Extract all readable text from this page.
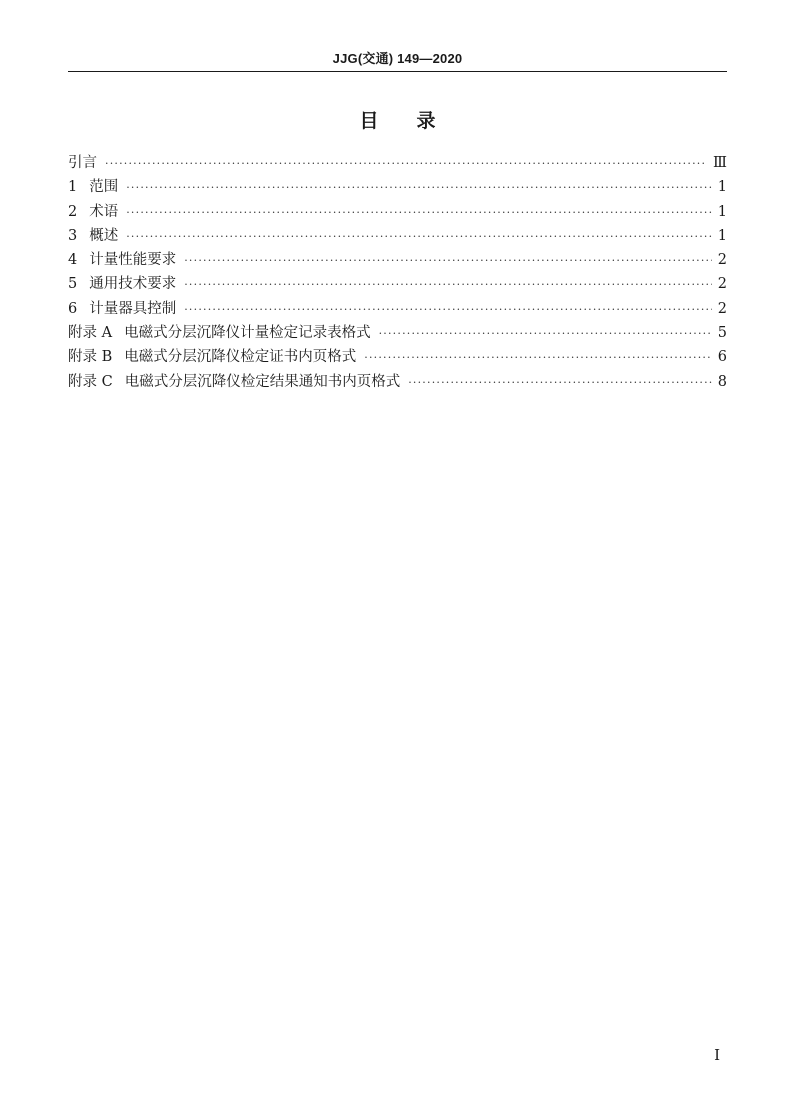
JJG(交通) 149—2020
目录
引言 ·····	Ⅲ
1 范围 ·····	1
2 术语 ·····	1
3 概述 ·····	1
4 计量性能要求 ·····	2
5 通用技术要求 ·····	2
6 计量器具控制 ·····	2
附录 A 电磁式分层沉降仪计量检定记录表格式 ·····	5
附录 B 电磁式分层沉降仪检定证书内页格式 ·····	6
附录 C 电磁式分层沉降仪检定结果通知书内页格式 ·····	8
I
